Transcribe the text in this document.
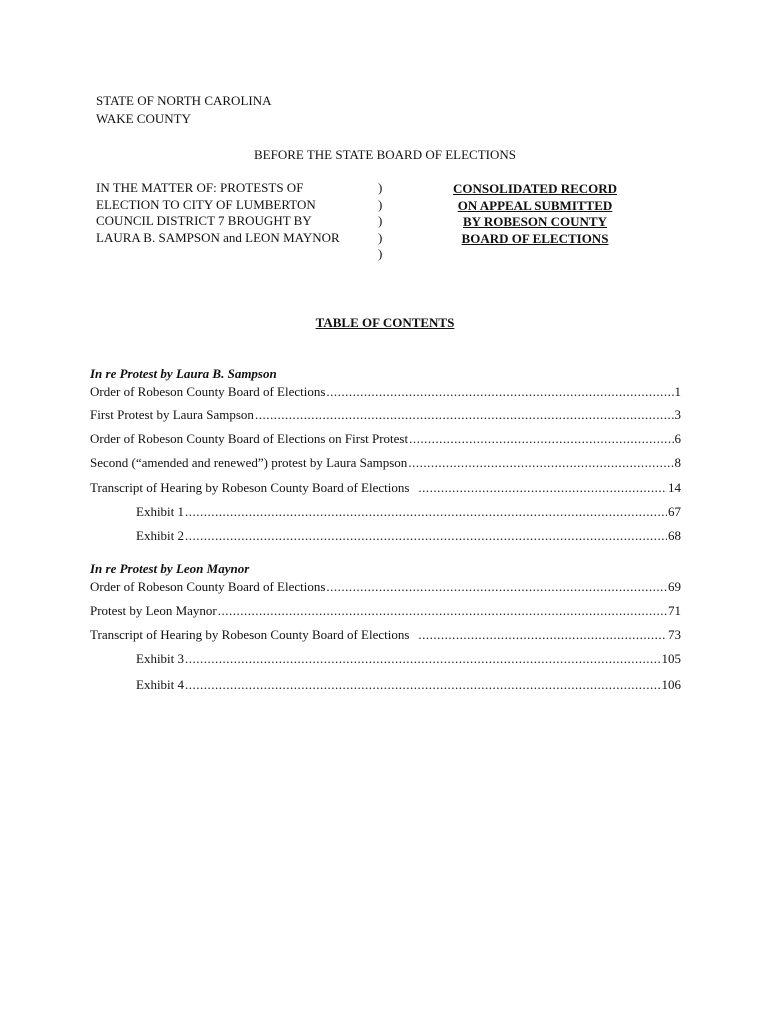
STATE OF NORTH CAROLINA
WAKE COUNTY
BEFORE THE STATE BOARD OF ELECTIONS
IN THE MATTER OF: PROTESTS OF
ELECTION TO CITY OF LUMBERTON
COUNCIL DISTRICT 7 BROUGHT BY
LAURA B. SAMPSON and LEON MAYNOR
)
)
)
)
)
CONSOLIDATED RECORD
ON APPEAL SUBMITTED
BY ROBESON COUNTY
BOARD OF ELECTIONS
TABLE OF CONTENTS
In re Protest by Laura B. Sampson
Order of Robeson County Board of Elections .....	1
First Protest by Laura Sampson .....	3
Order of Robeson County Board of Elections on First Protest .....	6
Second (“amended and renewed”) protest by Laura Sampson .....	8
Transcript of Hearing by Robeson County Board of Elections .....	14
Exhibit 1 .....	67
Exhibit 2 .....	68
In re Protest by Leon Maynor
Order of Robeson County Board of Elections .....	69
Protest by Leon Maynor .....	71
Transcript of Hearing by Robeson County Board of Elections .....	73
Exhibit 3 .....	105
Exhibit 4 .....	106
